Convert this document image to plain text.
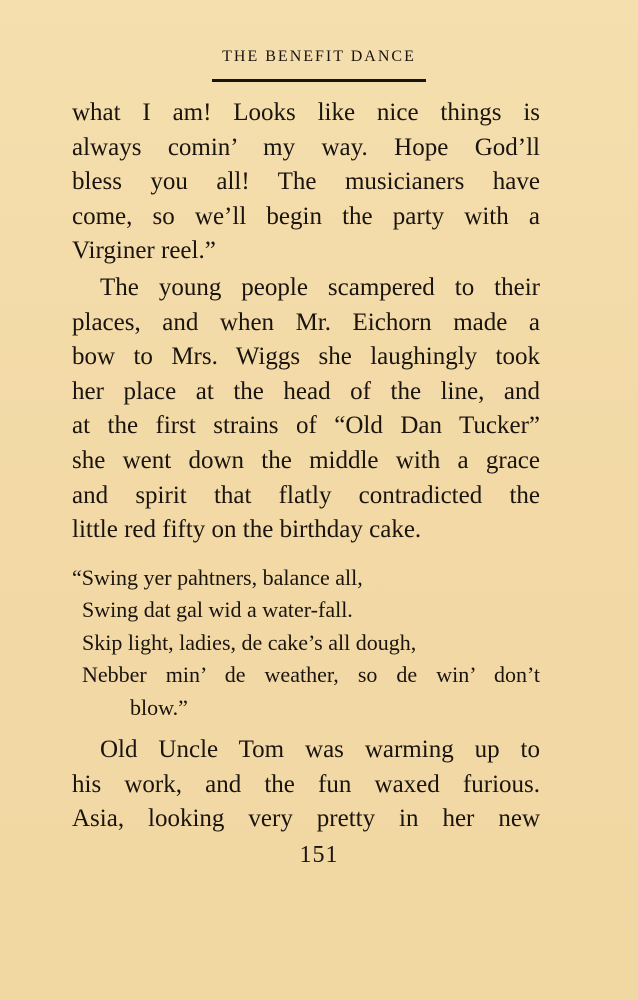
THE BENEFIT DANCE
what I am! Looks like nice things is
always comin’ my way. Hope God’ll
bless you all! The musicianers have
come, so we’ll begin the party with a
Virginer reel.”
The young people scampered to their
places, and when Mr. Eichorn made a
bow to Mrs. Wiggs she laughingly took
her place at the head of the line, and
at the first strains of “Old Dan Tucker”
she went down the middle with a grace
and spirit that flatly contradicted the
little red fifty on the birthday cake.
“Swing yer pahtners, balance all,
Swing dat gal wid a water-fall.
Skip light, ladies, de cake’s all dough,
Nebber min’ de weather, so de win’ don’t
blow.”
Old Uncle Tom was warming up to
his work, and the fun waxed furious.
Asia, looking very pretty in her new
151
